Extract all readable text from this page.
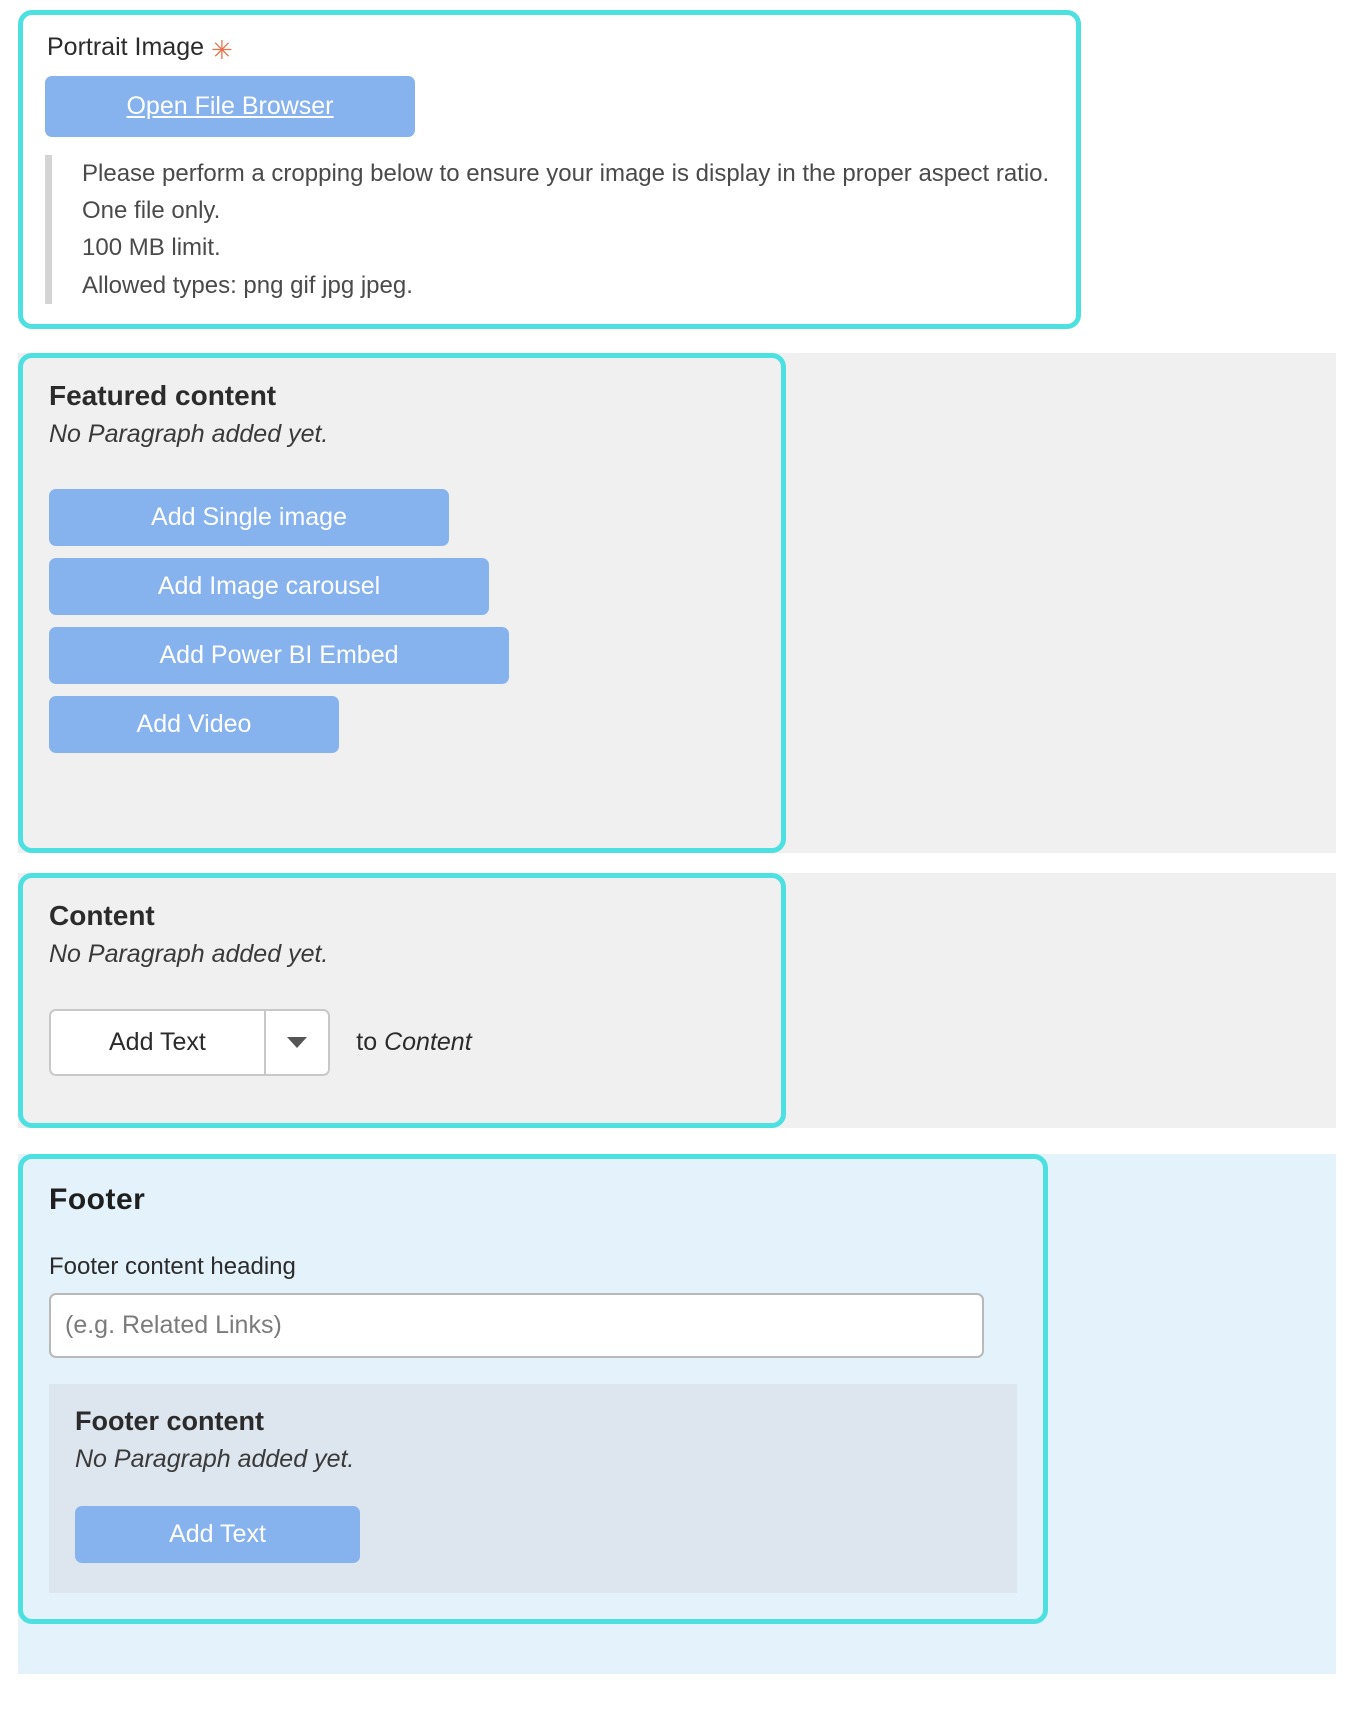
Portrait Image ✳
Open File Browser
Please perform a cropping below to ensure your image is display in the proper aspect ratio.
One file only.
100 MB limit.
Allowed types: png gif jpg jpeg.
Featured content
No Paragraph added yet.
Add Single image
Add Image carousel
Add Power BI Embed
Add Video
Content
No Paragraph added yet.
Add Text	to Content
Footer
Footer content heading
(e.g. Related Links)
Footer content
No Paragraph added yet.
Add Text
